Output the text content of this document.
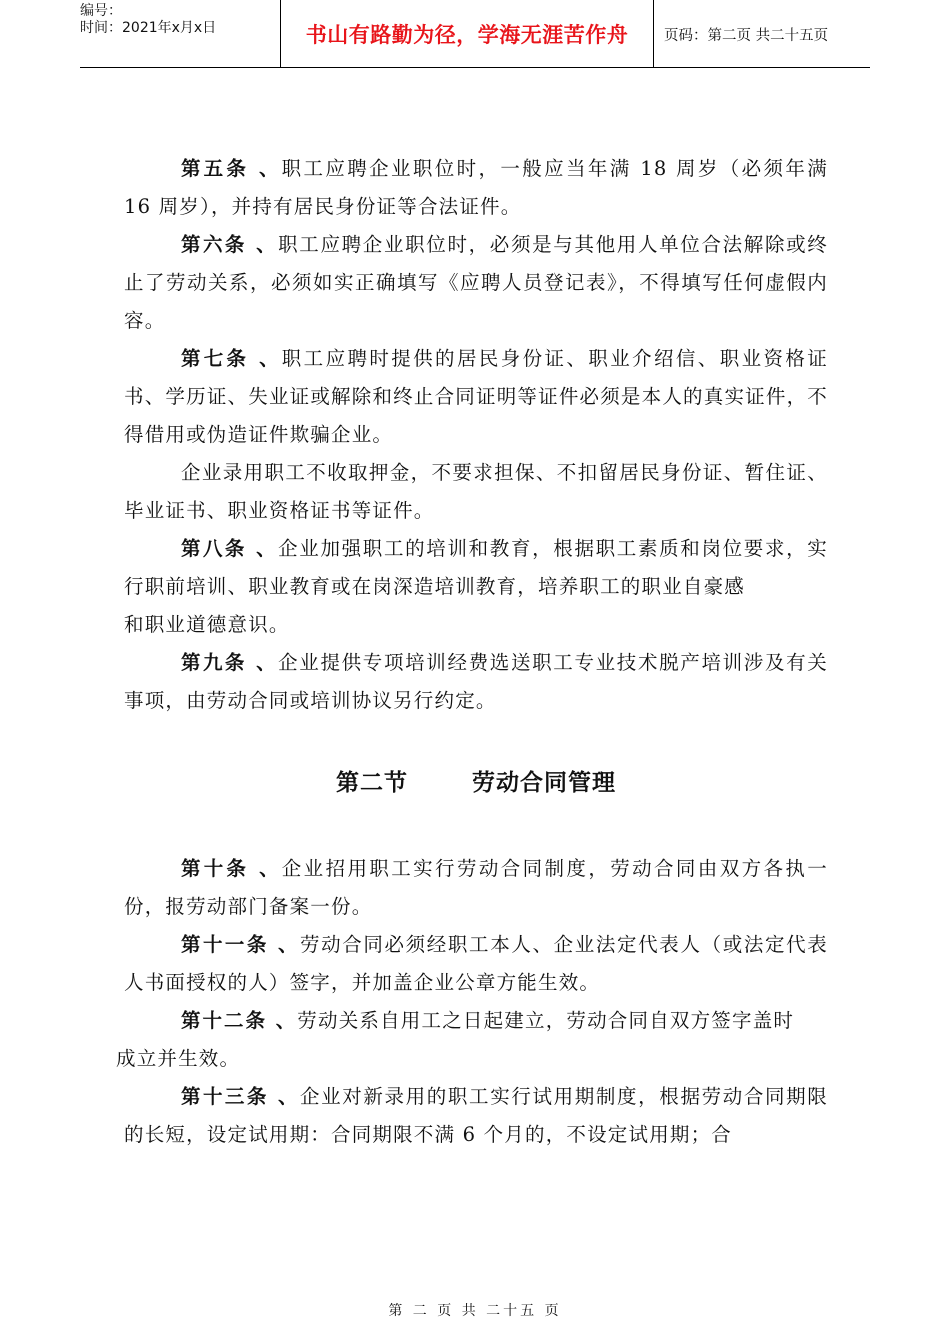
编号：
时间：2021年x月x日	书山有路勤为径，学海无涯苦作舟	页码：第二页 共二十五页

第五条 、职工应聘企业职位时，一般应当年满 18 周岁（必须年满 16 周岁），并持有居民身份证等合法证件。

第六条 、职工应聘企业职位时，必须是与其他用人单位合法解除或终止了劳动关系，必须如实正确填写《应聘人员登记表》，不得填写任何虚假内容。

第七条 、职工应聘时提供的居民身份证、职业介绍信、职业资格证书、学历证、失业证或解除和终止合同证明等证件必须是本人的真实证件，不得借用或伪造证件欺骗企业。

企业录用职工不收取押金，不要求担保、不扣留居民身份证、暂住证、毕业证书、职业资格证书等证件。

第八条 、企业加强职工的培训和教育，根据职工素质和岗位要求，实行职前培训、职业教育或在岗深造培训教育，培养职工的职业自豪感

和职业道德意识。

第九条 、企业提供专项培训经费选送职工专业技术脱产培训涉及有关事项，由劳动合同或培训协议另行约定。

第二节	劳动合同管理

第十条 、企业招用职工实行劳动合同制度，劳动合同由双方各执一份，报劳动部门备案一份。

第十一条 、劳动合同必须经职工本人、企业法定代表人（或法定代表人书面授权的人）签字，并加盖企业公章方能生效。

第十二条 、劳动关系自用工之日起建立，劳动合同自双方签字盖时

成立并生效。

第十三条 、企业对新录用的职工实行试用期制度，根据劳动合同期限的长短，设定试用期：合同期限不满 6 个月的，不设定试用期；合

第 二 页 共 二十五 页
